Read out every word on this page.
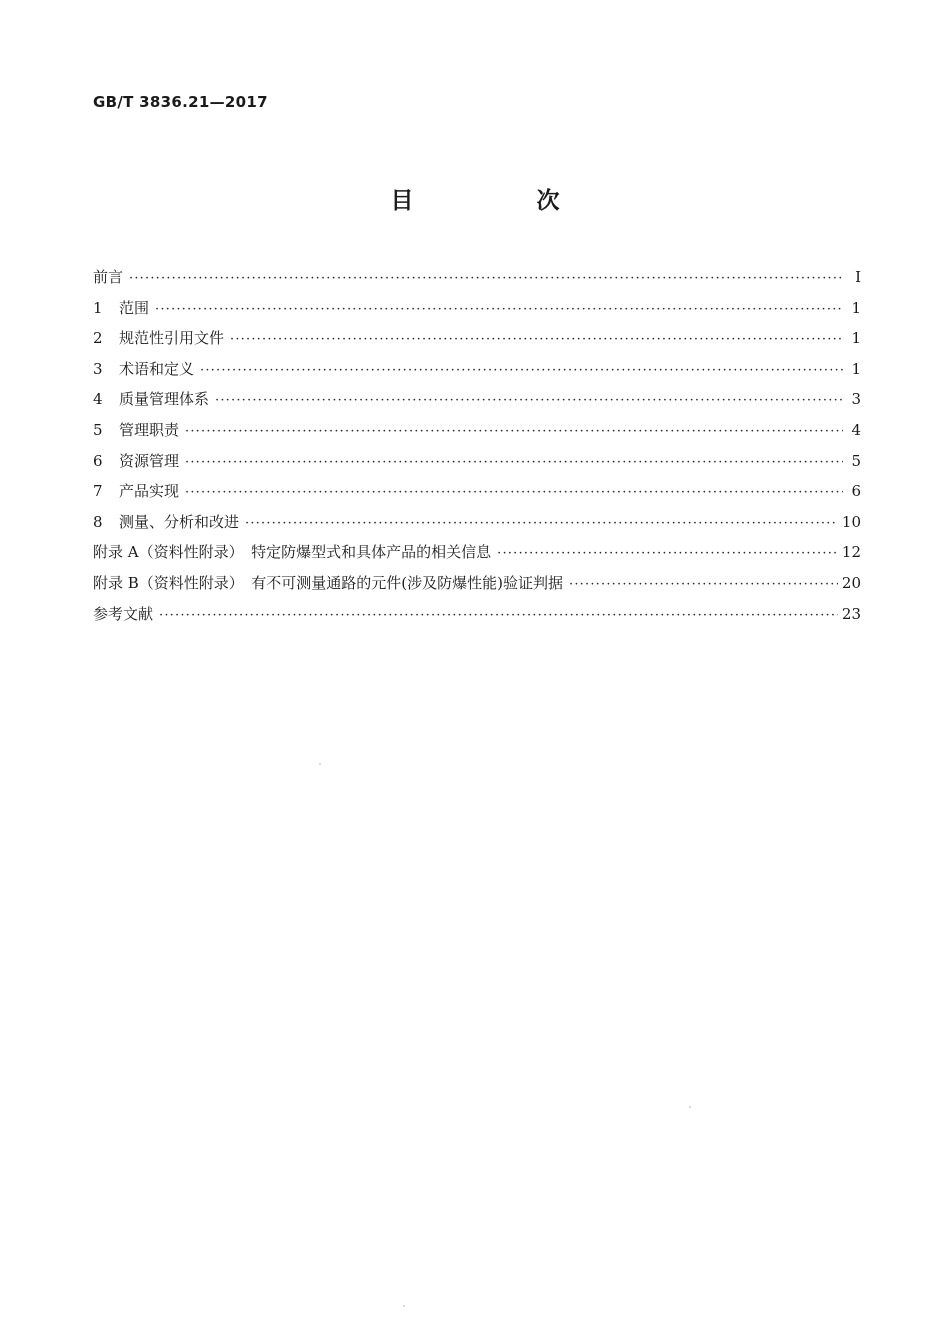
GB/T 3836.21—2017
目　次
前言 ·····	Ⅰ
1	范围 ·····	1
2	规范性引用文件 ·····	1
3	术语和定义 ·····	1
4	质量管理体系 ·····	3
5	管理职责 ·····	4
6	资源管理 ·····	5
7	产品实现 ·····	6
8	测量、分析和改进 ·····	10
附录 A（资料性附录）　特定防爆型式和具体产品的相关信息 ·····	12
附录 B（资料性附录）　有不可测量通路的元件(涉及防爆性能)验证判据 ·····	20
参考文献 ·····	23
